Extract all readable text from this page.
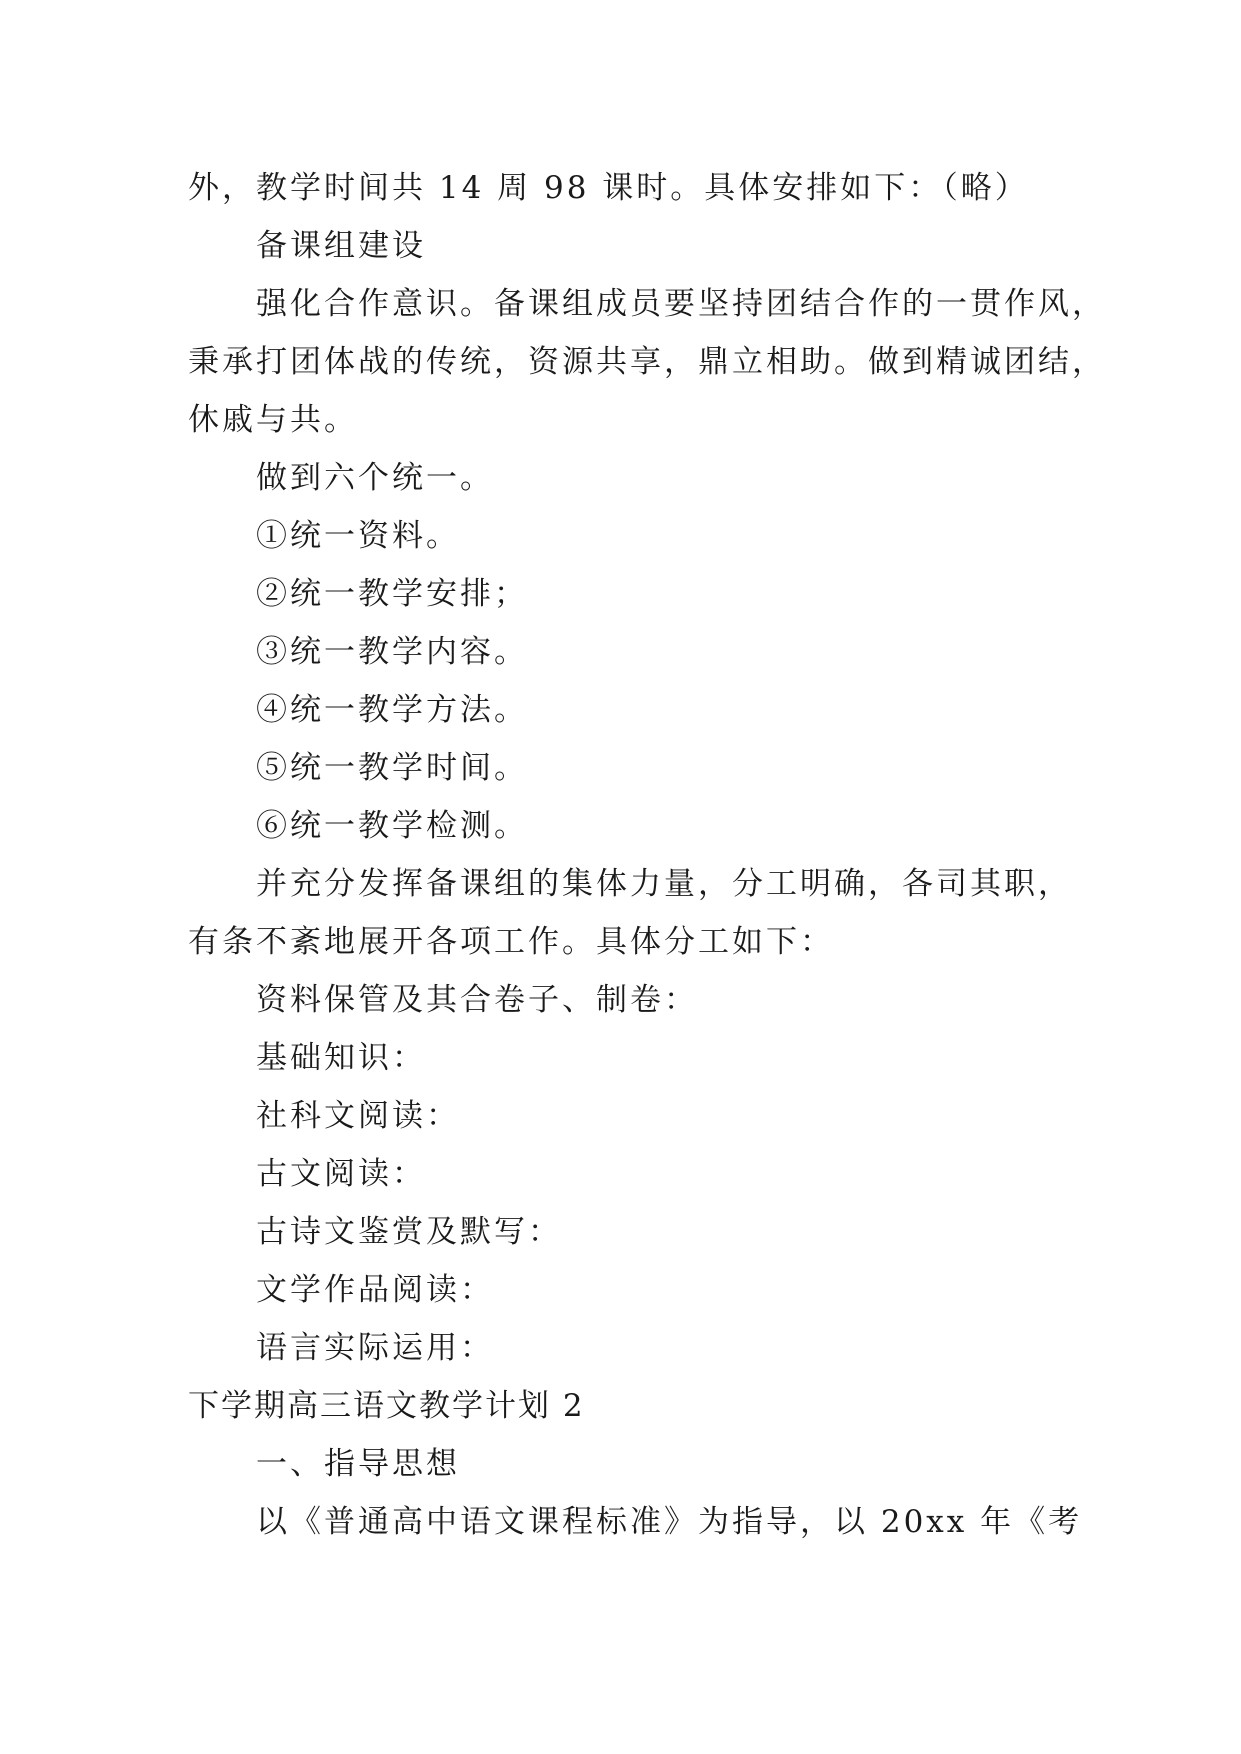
外，教学时间共 14 周 98 课时。具体安排如下：（略）

备课组建设

强化合作意识。备课组成员要坚持团结合作的一贯作风，

秉承打团体战的传统，资源共享，鼎立相助。做到精诚团结，

休戚与共。

做到六个统一。

①统一资料。

②统一教学安排；

③统一教学内容。

④统一教学方法。

⑤统一教学时间。

⑥统一教学检测。

并充分发挥备课组的集体力量，分工明确，各司其职，

有条不紊地展开各项工作。具体分工如下：

资料保管及其合卷子、制卷：

基础知识：

社科文阅读：

古文阅读：

古诗文鉴赏及默写：

文学作品阅读：

语言实际运用：

下学期高三语文教学计划 2

一、指导思想

以《普通高中语文课程标准》为指导，以 20xx 年《考
